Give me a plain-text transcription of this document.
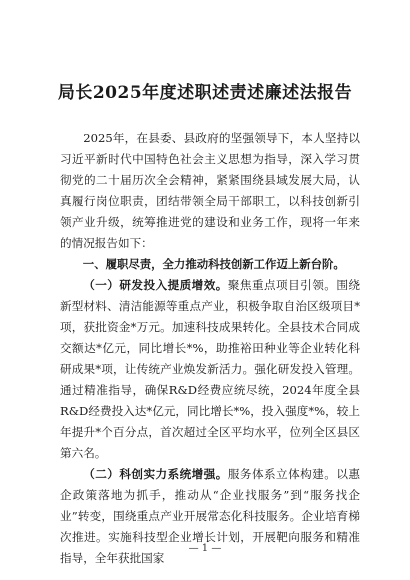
局长2025年度述职述责述廉述法报告

2025年，在县委、县政府的坚强领导下，本人坚持以习近平新时代中国特色社会主义思想为指导，深入学习贯彻党的二十届历次全会精神，紧紧围绕县域发展大局，认真履行岗位职责，团结带领全局干部职工，以科技创新引领产业升级，统筹推进党的建设和业务工作，现将一年来的情况报告如下：

一、履职尽责，全力推动科技创新工作迈上新台阶。

（一）研发投入提质增效。聚焦重点项目引领。围绕新型材料、清洁能源等重点产业，积极争取自治区级项目*项，获批资金*万元。加速科技成果转化。全县技术合同成交额达*亿元，同比增长*%，助推裕田种业等企业转化科研成果*项，让传统产业焕发新活力。强化研发投入管理。通过精准指导，确保R&D经费应统尽统，2024年度全县R&D经费投入达*亿元，同比增长*%，投入强度*%，较上年提升*个百分点，首次超过全区平均水平，位列全区县区第六名。

（二）科创实力系统增强。服务体系立体构建。以惠企政策落地为抓手，推动从“企业找服务”到“服务找企业”转变，围绕重点产业开展常态化科技服务。企业培育梯次推进。实施科技型企业增长计划，开展靶向服务和精准指导，全年获批国家

— 1 —
